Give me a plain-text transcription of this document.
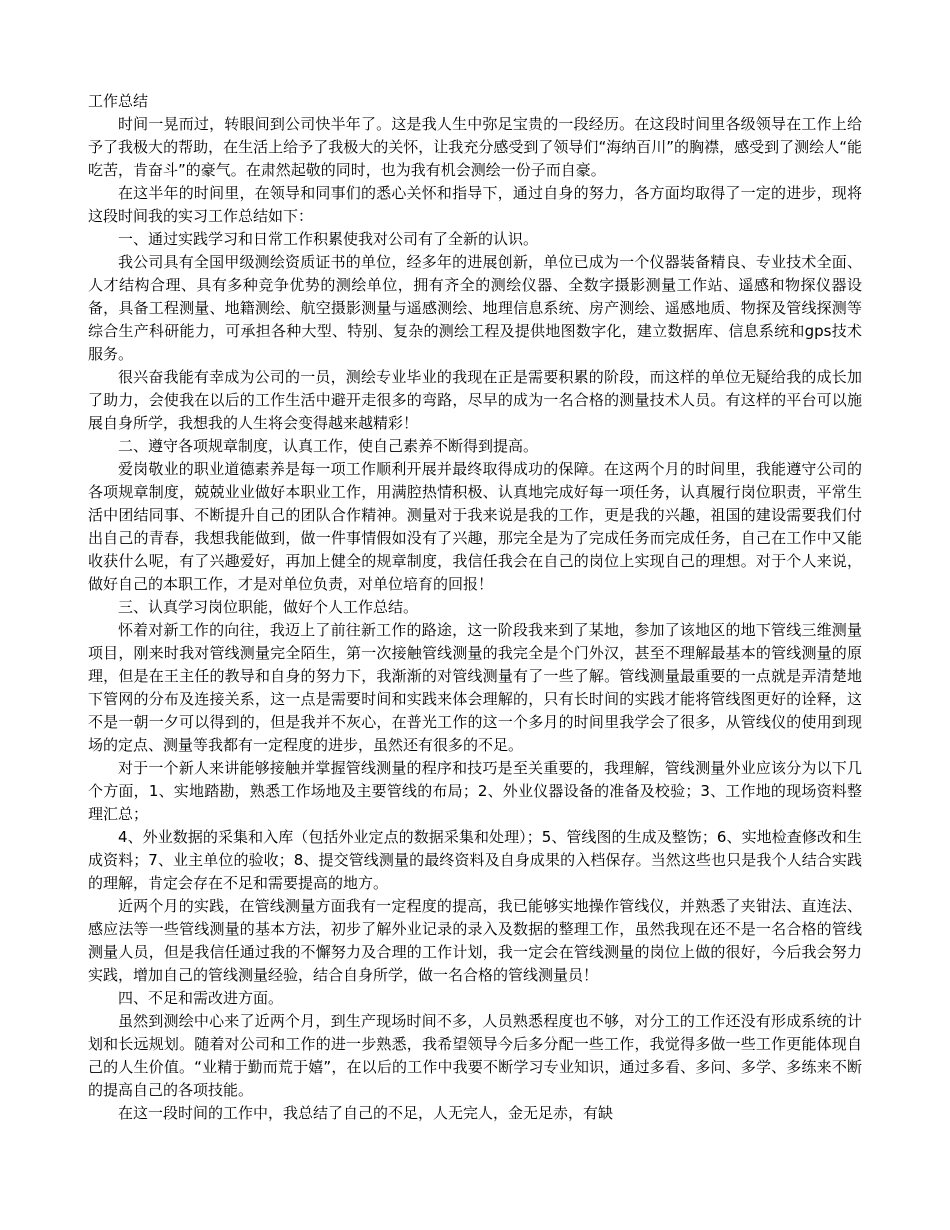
工作总结

时间一晃而过，转眼间到公司快半年了。这是我人生中弥足宝贵的一段经历。在这段时间里各级领导在工作上给予了我极大的帮助，在生活上给予了我极大的关怀，让我充分感受到了领导们“海纳百川”的胸襟，感受到了测绘人“能吃苦，肯奋斗”的豪气。在肃然起敬的同时，也为我有机会测绘一份子而自豪。

在这半年的时间里，在领导和同事们的悉心关怀和指导下，通过自身的努力，各方面均取得了一定的进步，现将这段时间我的实习工作总结如下：

一、通过实践学习和日常工作积累使我对公司有了全新的认识。

我公司具有全国甲级测绘资质证书的单位，经多年的进展创新，单位已成为一个仪器装备精良、专业技术全面、人才结构合理、具有多种竞争优势的测绘单位，拥有齐全的测绘仪器、全数字摄影测量工作站、遥感和物探仪器设备，具备工程测量、地籍测绘、航空摄影测量与遥感测绘、地理信息系统、房产测绘、遥感地质、物探及管线探测等综合生产科研能力，可承担各种大型、特别、复杂的测绘工程及提供地图数字化，建立数据库、信息系统和gps技术服务。

很兴奋我能有幸成为公司的一员，测绘专业毕业的我现在正是需要积累的阶段，而这样的单位无疑给我的成长加了助力，会使我在以后的工作生活中避开走很多的弯路，尽早的成为一名合格的测量技术人员。有这样的平台可以施展自身所学，我想我的人生将会变得越来越精彩！

二、遵守各项规章制度，认真工作，使自己素养不断得到提高。

爱岗敬业的职业道德素养是每一项工作顺利开展并最终取得成功的保障。在这两个月的时间里，我能遵守公司的各项规章制度，兢兢业业做好本职业工作，用满腔热情积极、认真地完成好每一项任务，认真履行岗位职责，平常生活中团结同事、不断提升自己的团队合作精神。测量对于我来说是我的工作，更是我的兴趣，祖国的建设需要我们付出自己的青春，我想我能做到，做一件事情假如没有了兴趣，那完全是为了完成任务而完成任务，自己在工作中又能收获什么呢，有了兴趣爱好，再加上健全的规章制度，我信任我会在自己的岗位上实现自己的理想。对于个人来说，做好自己的本职工作，才是对单位负责，对单位培育的回报！

三、认真学习岗位职能，做好个人工作总结。

怀着对新工作的向往，我迈上了前往新工作的路途，这一阶段我来到了某地，参加了该地区的地下管线三维测量项目，刚来时我对管线测量完全陌生，第一次接触管线测量的我完全是个门外汉，甚至不理解最基本的管线测量的原理，但是在王主任的教导和自身的努力下，我渐渐的对管线测量有了一些了解。管线测量最重要的一点就是弄清楚地下管网的分布及连接关系，这一点是需要时间和实践来体会理解的，只有长时间的实践才能将管线图更好的诠释，这不是一朝一夕可以得到的，但是我并不灰心，在普光工作的这一个多月的时间里我学会了很多，从管线仪的使用到现场的定点、测量等我都有一定程度的进步，虽然还有很多的不足。

对于一个新人来讲能够接触并掌握管线测量的程序和技巧是至关重要的，我理解，管线测量外业应该分为以下几个方面，1、实地踏勘，熟悉工作场地及主要管线的布局；2、外业仪器设备的准备及校验；3、工作地的现场资料整理汇总；

4、外业数据的采集和入库（包括外业定点的数据采集和处理）；5、管线图的生成及整饬；6、实地检查修改和生成资料；7、业主单位的验收；8、提交管线测量的最终资料及自身成果的入档保存。当然这些也只是我个人结合实践的理解，肯定会存在不足和需要提高的地方。

近两个月的实践，在管线测量方面我有一定程度的提高，我已能够实地操作管线仪，并熟悉了夹钳法、直连法、感应法等一些管线测量的基本方法，初步了解外业记录的录入及数据的整理工作，虽然我现在还不是一名合格的管线测量人员，但是我信任通过我的不懈努力及合理的工作计划，我一定会在管线测量的岗位上做的很好，今后我会努力实践，增加自己的管线测量经验，结合自身所学，做一名合格的管线测量员！

四、不足和需改进方面。

虽然到测绘中心来了近两个月，到生产现场时间不多，人员熟悉程度也不够，对分工的工作还没有形成系统的计划和长远规划。随着对公司和工作的进一步熟悉，我希望领导今后多分配一些工作，我觉得多做一些工作更能体现自己的人生价值。“业精于勤而荒于嬉”，在以后的工作中我要不断学习专业知识，通过多看、多问、多学、多练来不断的提高自己的各项技能。

在这一段时间的工作中，我总结了自己的不足，人无完人，金无足赤，有缺
